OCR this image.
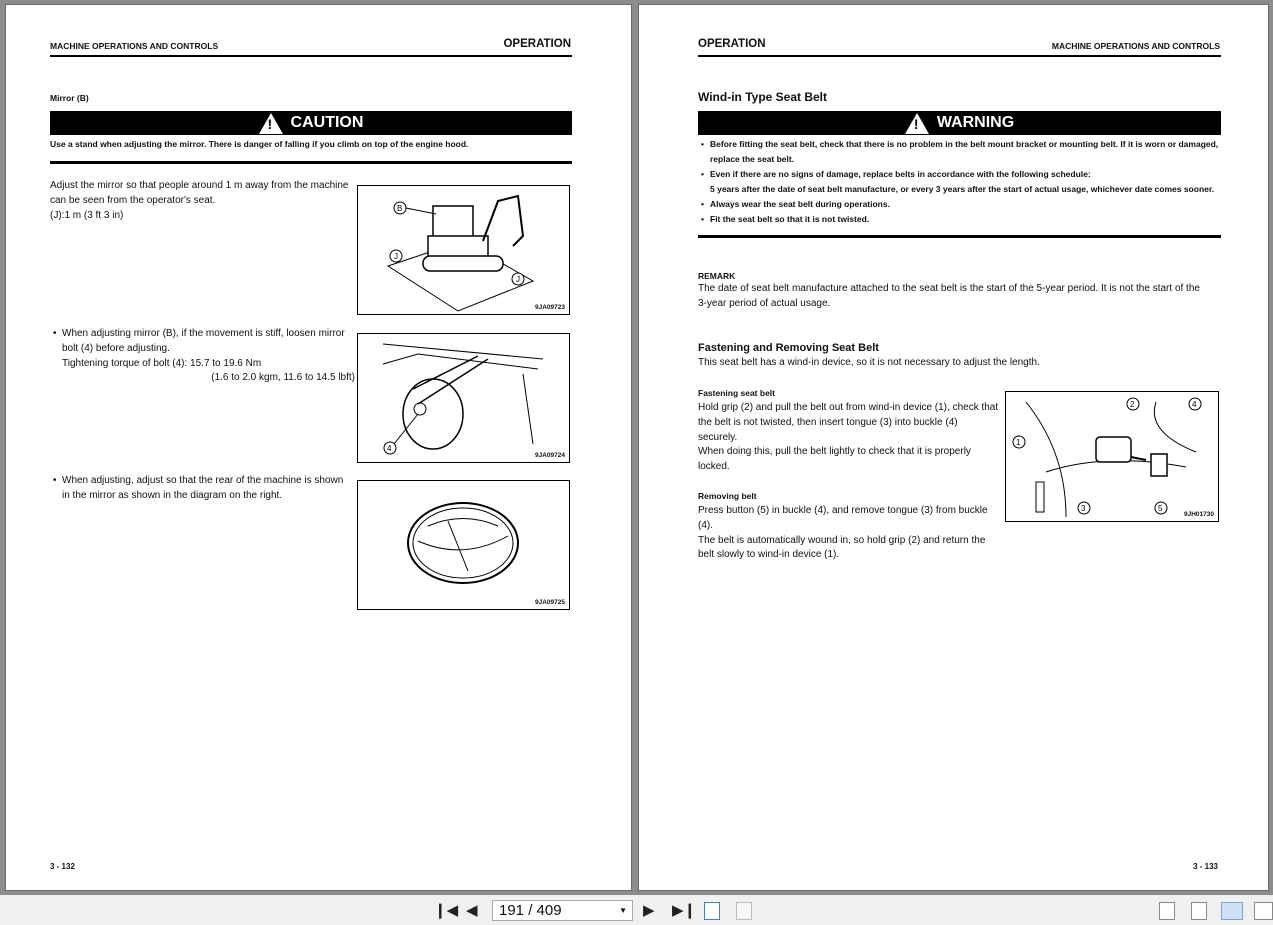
MACHINE OPERATIONS AND CONTROLS	OPERATION
Mirror (B)
!
CAUTION
Use a stand when adjusting the mirror. There is danger of falling if you climb on top of the engine hood.
Adjust the mirror so that people around 1 m away from the machine
can be seen from the operator's seat.
(J):1 m (3 ft 3 in)
• When adjusting mirror (B), if the movement is stiff, loosen mirror
bolt (4) before adjusting.
Tightening torque of bolt (4): 15.7 to 19.6 Nm
(1.6 to 2.0 kgm, 11.6 to 14.5 lbft)
• When adjusting, adjust so that the rear of the machine is shown
in the mirror as shown in the diagram on the right.
B
J
J
9JA09723
4
9JA09724
9JA09725
3 - 132
OPERATION	MACHINE OPERATIONS AND CONTROLS
Wind-in Type Seat Belt
!
WARNING
• Before fitting the seat belt, check that there is no problem in the belt mount bracket or mounting belt. If it is worn or damaged,
replace the seat belt.
• Even if there are no signs of damage, replace belts in accordance with the following schedule:
5 years after the date of seat belt manufacture, or every 3 years after the start of actual usage, whichever date comes sooner.
• Always wear the seat belt during operations.
• Fit the seat belt so that it is not twisted.
REMARK
The date of seat belt manufacture attached to the seat belt is the start of the 5-year period. It is not the start of the
3-year period of actual usage.
Fastening and Removing Seat Belt
This seat belt has a wind-in device, so it is not necessary to adjust the length.
Fastening seat belt
Hold grip (2) and pull the belt out from wind-in device (1), check that
the belt is not twisted, then insert tongue (3) into buckle (4)
securely.
When doing this, pull the belt lightly to check that it is properly
locked.
Removing belt
Press button (5) in buckle (4), and remove tongue (3) from buckle
(4).
The belt is automatically wound in, so hold grip (2) and return the
belt slowly to wind-in device (1).
1
2
3
4
5
9JH01730
3 - 133
❙◀ ◀ 191 / 409	▼ ▶ ▶❙
